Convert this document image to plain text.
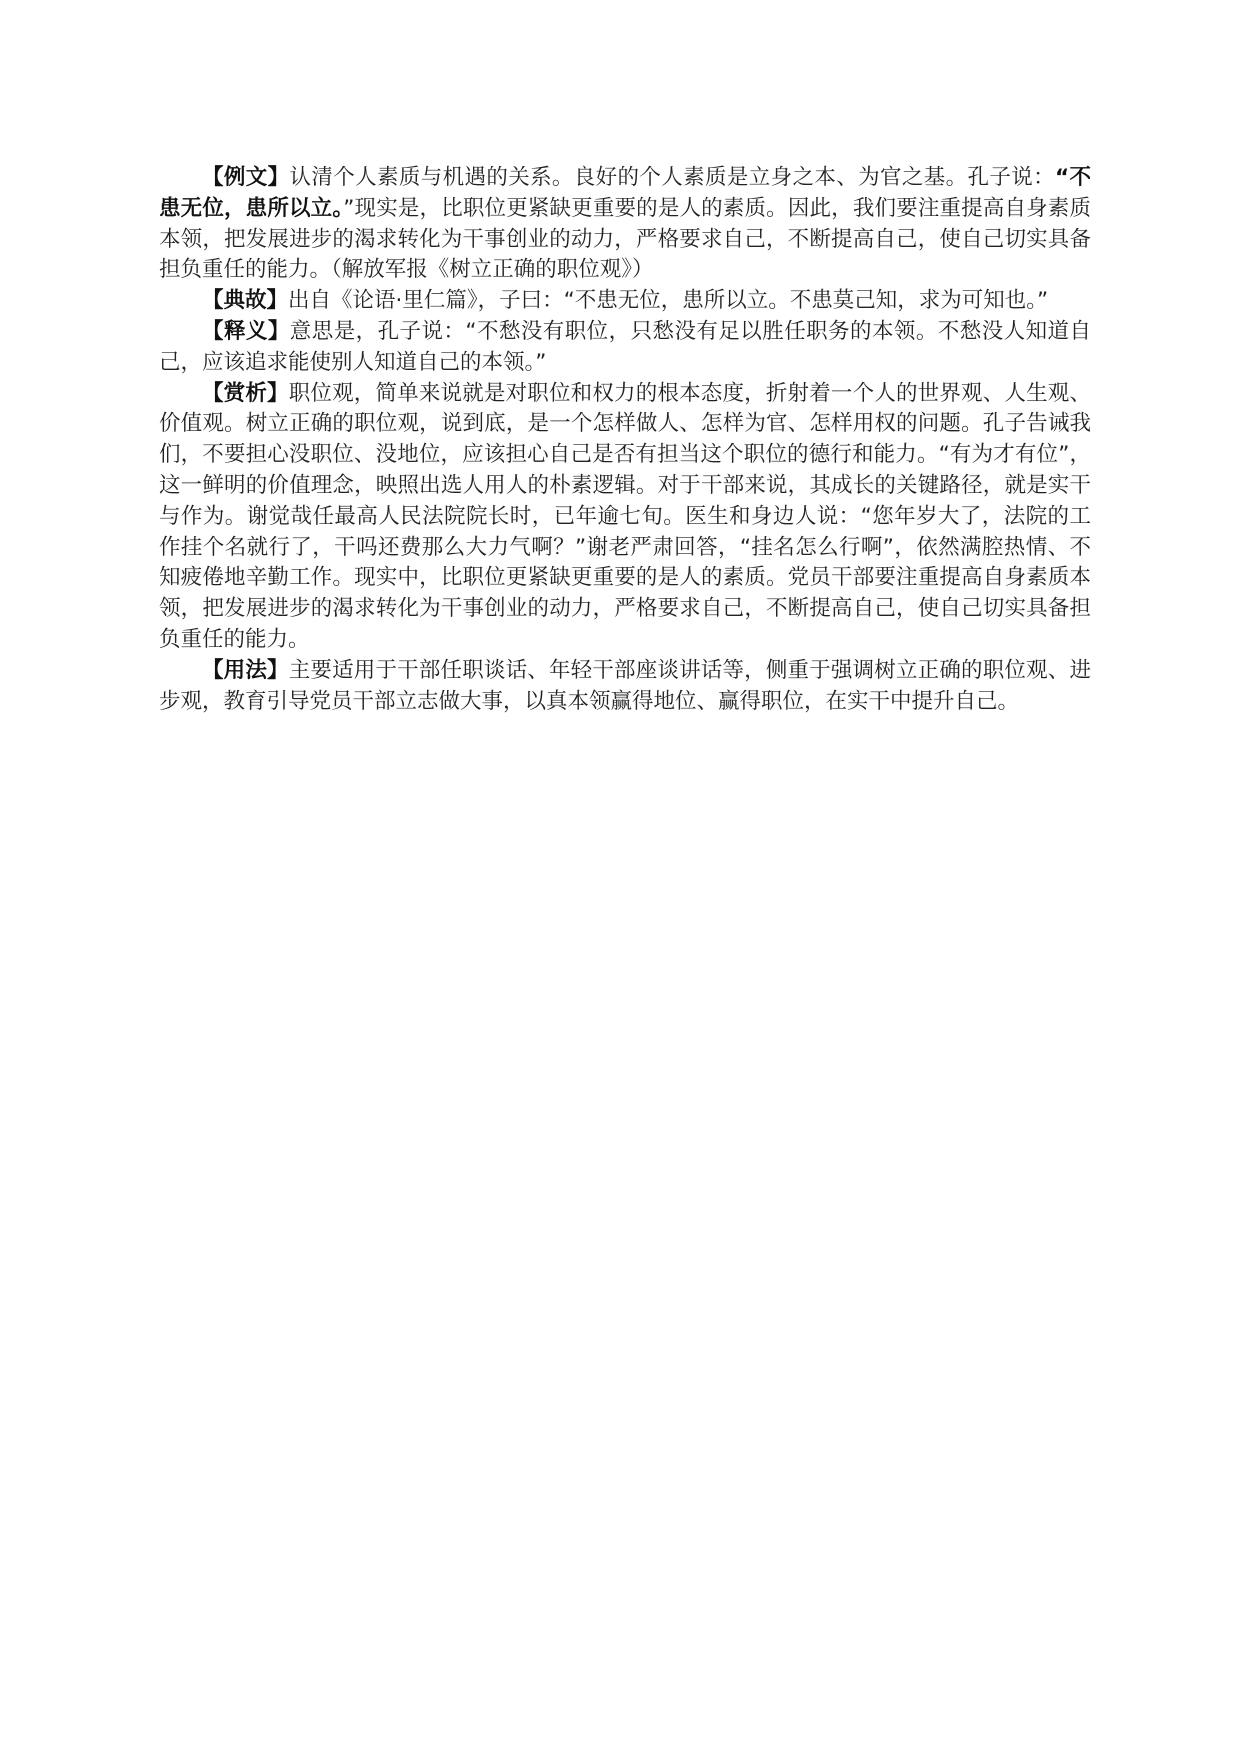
【例文】认清个人素质与机遇的关系。良好的个人素质是立身之本、为官之基。孔子说：“不患无位，患所以立。”现实是，比职位更紧缺更重要的是人的素质。因此，我们要注重提高自身素质本领，把发展进步的渴求转化为干事创业的动力，严格要求自己，不断提高自己，使自己切实具备担负重任的能力。（解放军报《树立正确的职位观》）

【典故】出自《论语·里仁篇》，子曰：“不患无位，患所以立。不患莫己知，求为可知也。”

【释义】意思是，孔子说：“不愁没有职位，只愁没有足以胜任职务的本领。不愁没人知道自己，应该追求能使别人知道自己的本领。”

【赏析】职位观，简单来说就是对职位和权力的根本态度，折射着一个人的世界观、人生观、价值观。树立正确的职位观，说到底，是一个怎样做人、怎样为官、怎样用权的问题。孔子告诫我们，不要担心没职位、没地位，应该担心自己是否有担当这个职位的德行和能力。“有为才有位”，这一鲜明的价值理念，映照出选人用人的朴素逻辑。对于干部来说，其成长的关键路径，就是实干与作为。谢觉哉任最高人民法院院长时，已年逾七旬。医生和身边人说：“您年岁大了，法院的工作挂个名就行了，干吗还费那么大力气啊？”谢老严肃回答，“挂名怎么行啊”，依然满腔热情、不知疲倦地辛勤工作。现实中，比职位更紧缺更重要的是人的素质。党员干部要注重提高自身素质本领，把发展进步的渴求转化为干事创业的动力，严格要求自己，不断提高自己，使自己切实具备担负重任的能力。

【用法】主要适用于干部任职谈话、年轻干部座谈讲话等，侧重于强调树立正确的职位观、进步观，教育引导党员干部立志做大事，以真本领赢得地位、赢得职位，在实干中提升自己。
